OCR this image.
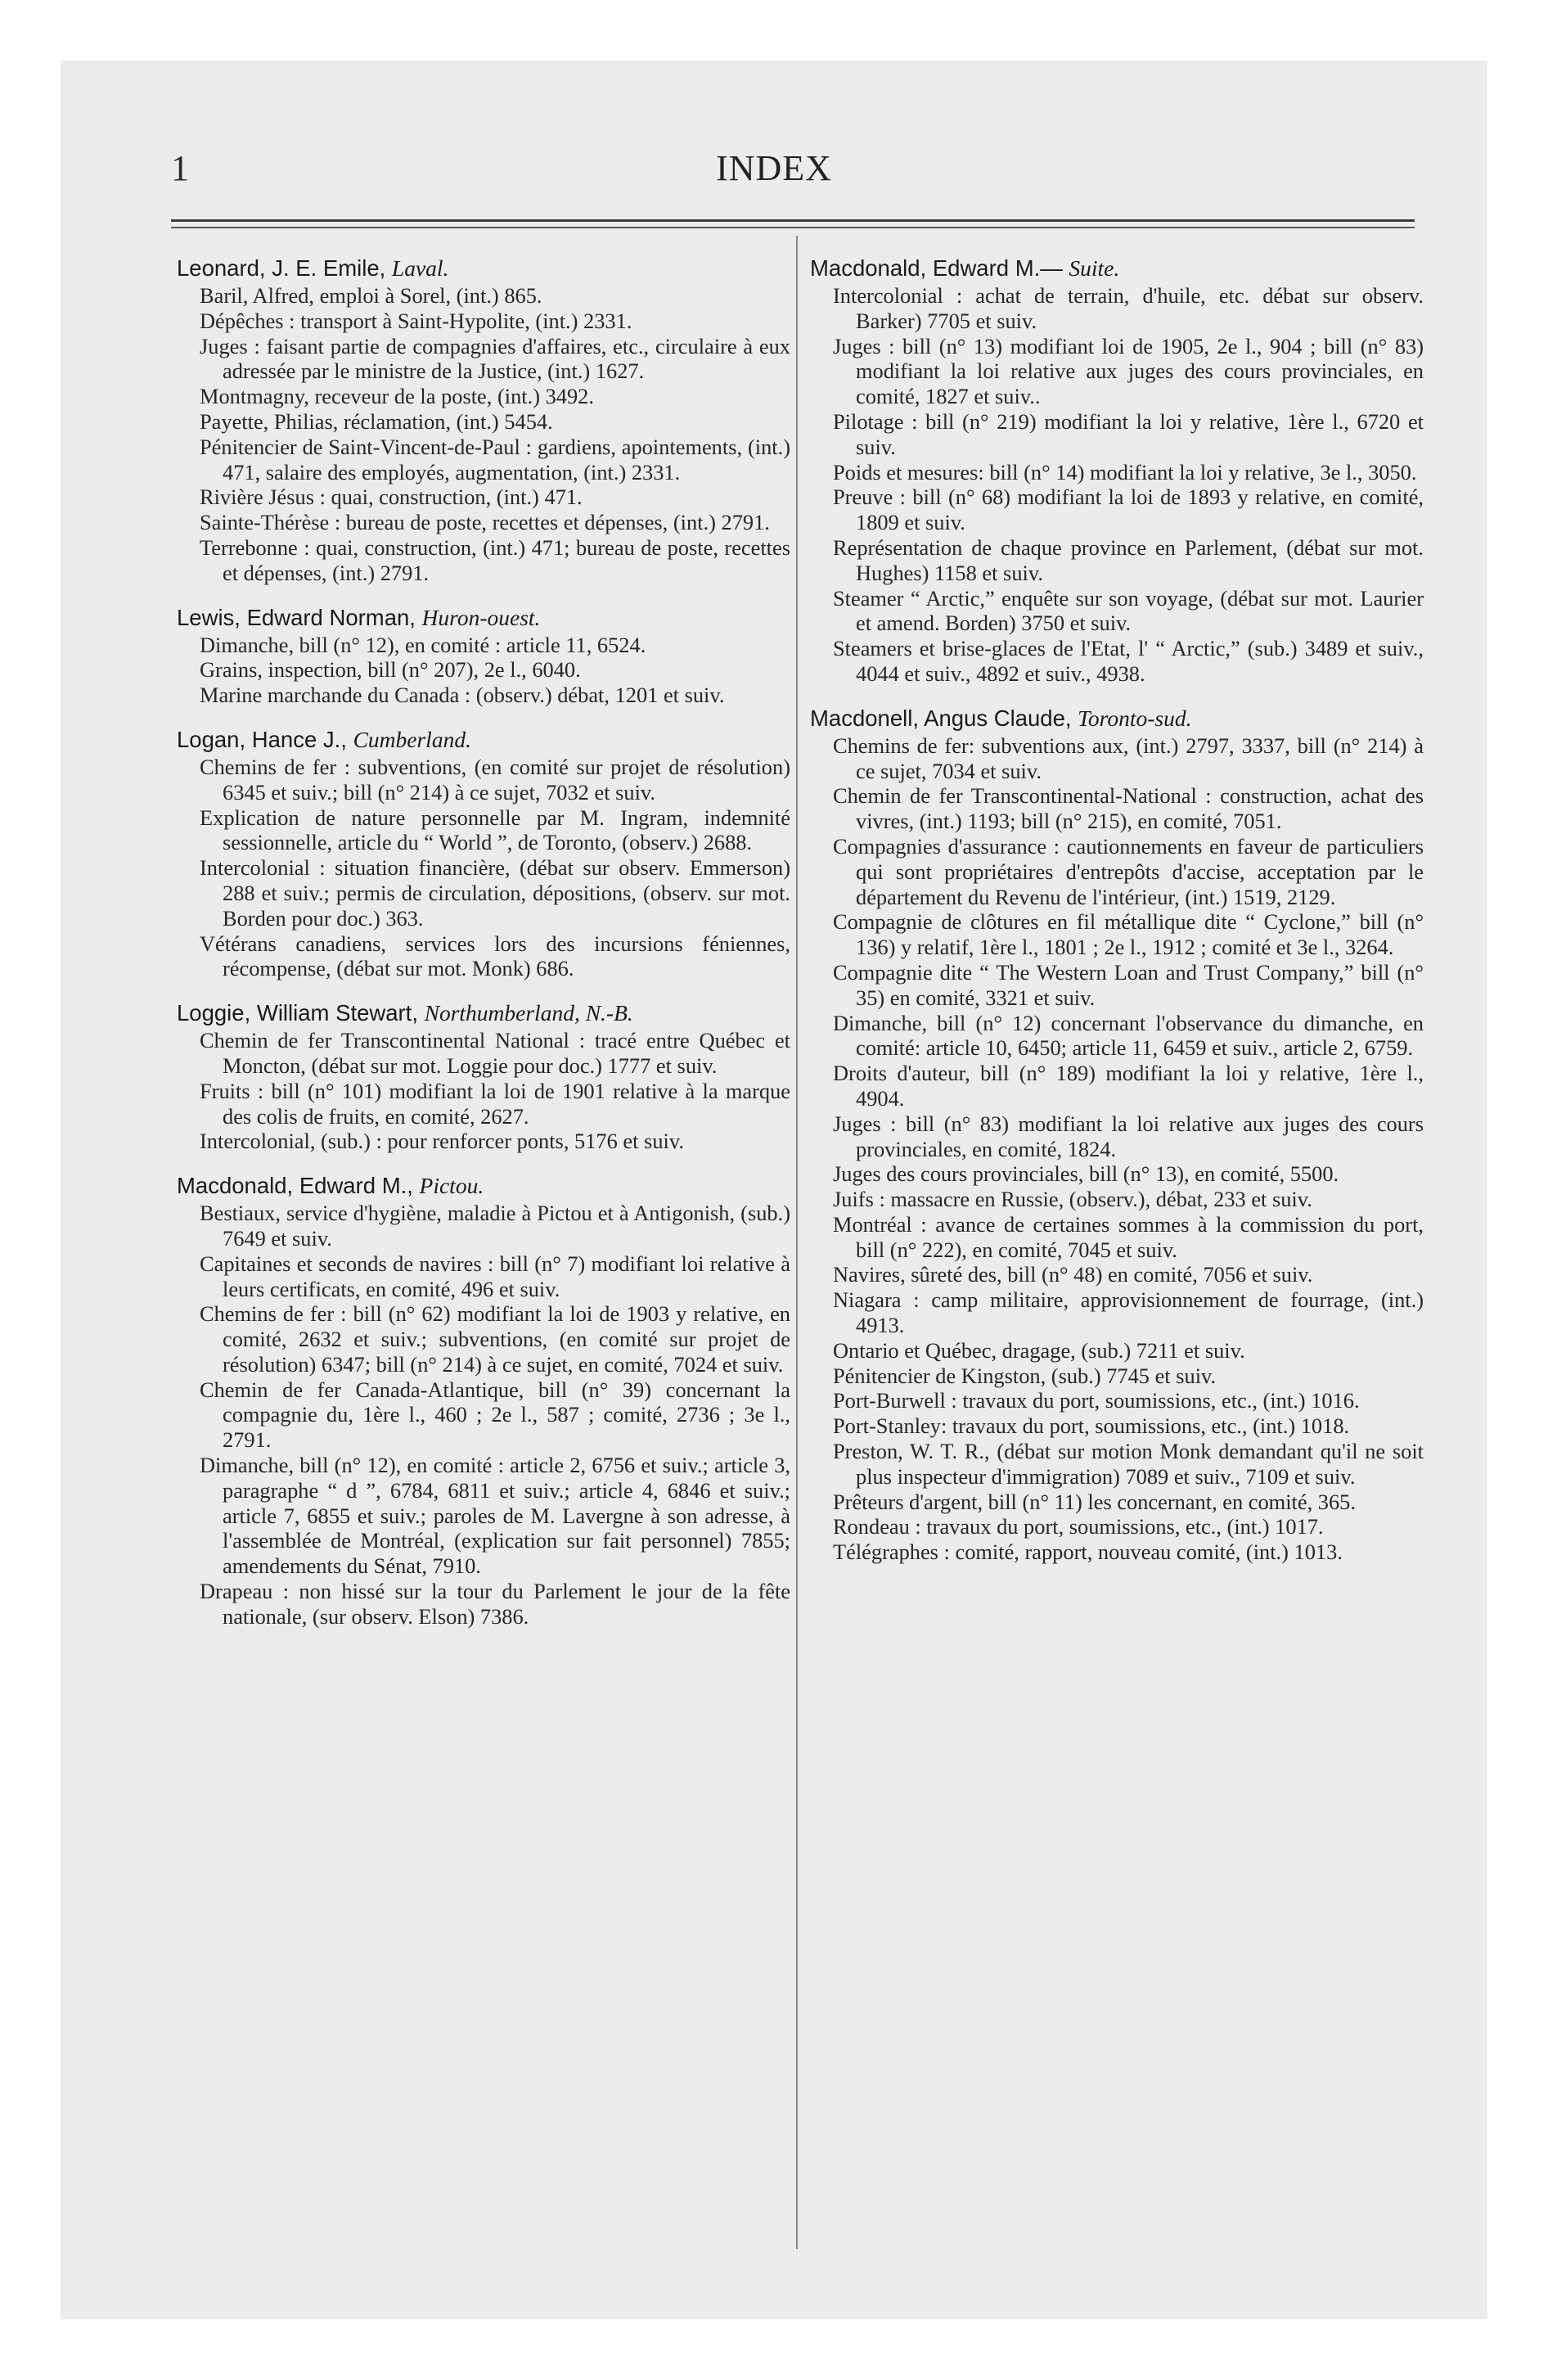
1	INDEX
Leonard, J. E. Emile, Laval.
Baril, Alfred, emploi à Sorel, (int.) 865.
Dépêches : transport à Saint-Hypolite, (int.) 2331.
Juges : faisant partie de compagnies d'affaires, etc., circulaire à eux adressée par le ministre de la Justice, (int.) 1627.
Montmagny, receveur de la poste, (int.) 3492.
Payette, Philias, réclamation, (int.) 5454.
Pénitencier de Saint-Vincent-de-Paul : gardiens, apointements, (int.) 471, salaire des employés, augmentation, (int.) 2331.
Rivière Jésus : quai, construction, (int.) 471.
Sainte-Thérèse : bureau de poste, recettes et dépenses, (int.) 2791.
Terrebonne : quai, construction, (int.) 471; bureau de poste, recettes et dépenses, (int.) 2791.
Lewis, Edward Norman, Huron-ouest.
Dimanche, bill (n° 12), en comité : article 11, 6524.
Grains, inspection, bill (n° 207), 2e l., 6040.
Marine marchande du Canada : (observ.) débat, 1201 et suiv.
Logan, Hance J., Cumberland.
Chemins de fer : subventions, (en comité sur projet de résolution) 6345 et suiv.; bill (n° 214) à ce sujet, 7032 et suiv.
Explication de nature personnelle par M. Ingram, indemnité sessionnelle, article du “ World ”, de Toronto, (observ.) 2688.
Intercolonial : situation financière, (débat sur observ. Emmerson) 288 et suiv.; permis de circulation, dépositions, (observ. sur mot. Borden pour doc.) 363.
Vétérans canadiens, services lors des incursions féniennes, récompense, (débat sur mot. Monk) 686.
Loggie, William Stewart, Northumberland, N.-B.
Chemin de fer Transcontinental National : tracé entre Québec et Moncton, (débat sur mot. Loggie pour doc.) 1777 et suiv.
Fruits : bill (n° 101) modifiant la loi de 1901 relative à la marque des colis de fruits, en comité, 2627.
Intercolonial, (sub.) : pour renforcer ponts, 5176 et suiv.
Macdonald, Edward M., Pictou.
Bestiaux, service d'hygiène, maladie à Pictou et à Antigonish, (sub.) 7649 et suiv.
Capitaines et seconds de navires : bill (n° 7) modifiant loi relative à leurs certificats, en comité, 496 et suiv.
Chemins de fer : bill (n° 62) modifiant la loi de 1903 y relative, en comité, 2632 et suiv.; subventions, (en comité sur projet de résolution) 6347; bill (n° 214) à ce sujet, en comité, 7024 et suiv.
Chemin de fer Canada-Atlantique, bill (n° 39) concernant la compagnie du, 1ère l., 460 ; 2e l., 587 ; comité, 2736 ; 3e l., 2791.
Dimanche, bill (n° 12), en comité : article 2, 6756 et suiv.; article 3, paragraphe “ d ”, 6784, 6811 et suiv.; article 4, 6846 et suiv.; article 7, 6855 et suiv.; paroles de M. Lavergne à son adresse, à l'assemblée de Montréal, (explication sur fait personnel) 7855; amendements du Sénat, 7910.
Drapeau : non hissé sur la tour du Parlement le jour de la fête nationale, (sur observ. Elson) 7386.
Macdonald, Edward M.— Suite.
Intercolonial : achat de terrain, d'huile, etc. débat sur observ. Barker) 7705 et suiv.
Juges : bill (n° 13) modifiant loi de 1905, 2e l., 904 ; bill (n° 83) modifiant la loi relative aux juges des cours provinciales, en comité, 1827 et suiv..
Pilotage : bill (n° 219) modifiant la loi y relative, 1ère l., 6720 et suiv.
Poids et mesures: bill (n° 14) modifiant la loi y relative, 3e l., 3050.
Preuve : bill (n° 68) modifiant la loi de 1893 y relative, en comité, 1809 et suiv.
Représentation de chaque province en Parlement, (débat sur mot. Hughes) 1158 et suiv.
Steamer “ Arctic,” enquête sur son voyage, (débat sur mot. Laurier et amend. Borden) 3750 et suiv.
Steamers et brise-glaces de l'Etat, l' “ Arctic,” (sub.) 3489 et suiv., 4044 et suiv., 4892 et suiv., 4938.
Macdonell, Angus Claude, Toronto-sud.
Chemins de fer: subventions aux, (int.) 2797, 3337, bill (n° 214) à ce sujet, 7034 et suiv.
Chemin de fer Transcontinental-National : construction, achat des vivres, (int.) 1193; bill (n° 215), en comité, 7051.
Compagnies d'assurance : cautionnements en faveur de particuliers qui sont propriétaires d'entrepôts d'accise, acceptation par le département du Revenu de l'intérieur, (int.) 1519, 2129.
Compagnie de clôtures en fil métallique dite “ Cyclone,” bill (n° 136) y relatif, 1ère l., 1801 ; 2e l., 1912 ; comité et 3e l., 3264.
Compagnie dite “ The Western Loan and Trust Company,” bill (n° 35) en comité, 3321 et suiv.
Dimanche, bill (n° 12) concernant l'observance du dimanche, en comité: article 10, 6450; article 11, 6459 et suiv., article 2, 6759.
Droits d'auteur, bill (n° 189) modifiant la loi y relative, 1ère l., 4904.
Juges : bill (n° 83) modifiant la loi relative aux juges des cours provinciales, en comité, 1824.
Juges des cours provinciales, bill (n° 13), en comité, 5500.
Juifs : massacre en Russie, (observ.), débat, 233 et suiv.
Montréal : avance de certaines sommes à la commission du port, bill (n° 222), en comité, 7045 et suiv.
Navires, sûreté des, bill (n° 48) en comité, 7056 et suiv.
Niagara : camp militaire, approvisionnement de fourrage, (int.) 4913.
Ontario et Québec, dragage, (sub.) 7211 et suiv.
Pénitencier de Kingston, (sub.) 7745 et suiv.
Port-Burwell : travaux du port, soumissions, etc., (int.) 1016.
Port-Stanley: travaux du port, soumissions, etc., (int.) 1018.
Preston, W. T. R., (débat sur motion Monk demandant qu'il ne soit plus inspecteur d'immigration) 7089 et suiv., 7109 et suiv.
Prêteurs d'argent, bill (n° 11) les concernant, en comité, 365.
Rondeau : travaux du port, soumissions, etc., (int.) 1017.
Télégraphes : comité, rapport, nouveau comité, (int.) 1013.
